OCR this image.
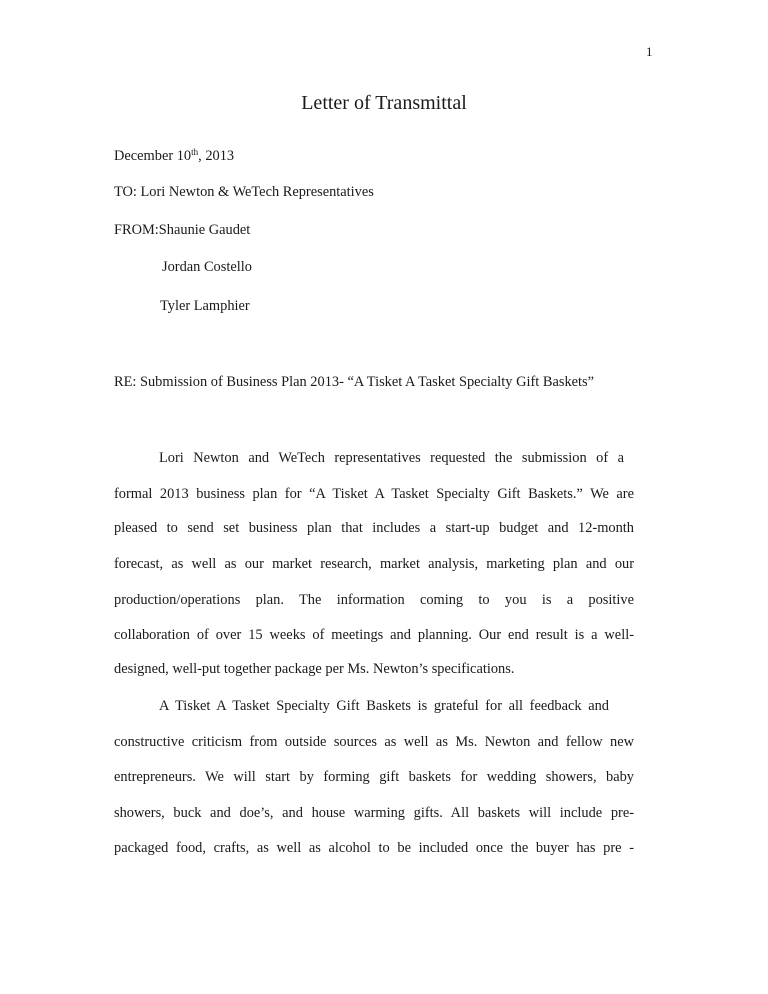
1
Letter of Transmittal
December 10th, 2013
TO: Lori Newton & WeTech Representatives
FROM:Shaunie Gaudet
Jordan Costello
Tyler Lamphier
RE: Submission of Business Plan 2013- “A Tisket A Tasket Specialty Gift Baskets”
Lori Newton and WeTech representatives requested the submission of a
formal 2013 business plan for “A Tisket A Tasket Specialty Gift Baskets.” We are
pleased to send set business plan that includes a start-up budget and 12-month
forecast, as well as our market research, market analysis, marketing plan and our
production/operations plan. The information coming to you is a positive
collaboration of over 15 weeks of meetings and planning. Our end result is a well-
designed, well-put together package per Ms. Newton’s specifications.
A Tisket A Tasket Specialty Gift Baskets is grateful for all feedback and
constructive criticism from outside sources as well as Ms. Newton and fellow new
entrepreneurs. We will start by forming gift baskets for wedding showers, baby
showers, buck and doe’s, and house warming gifts. All baskets will include pre-
packaged food, crafts, as well as alcohol to be included once the buyer has pre -
